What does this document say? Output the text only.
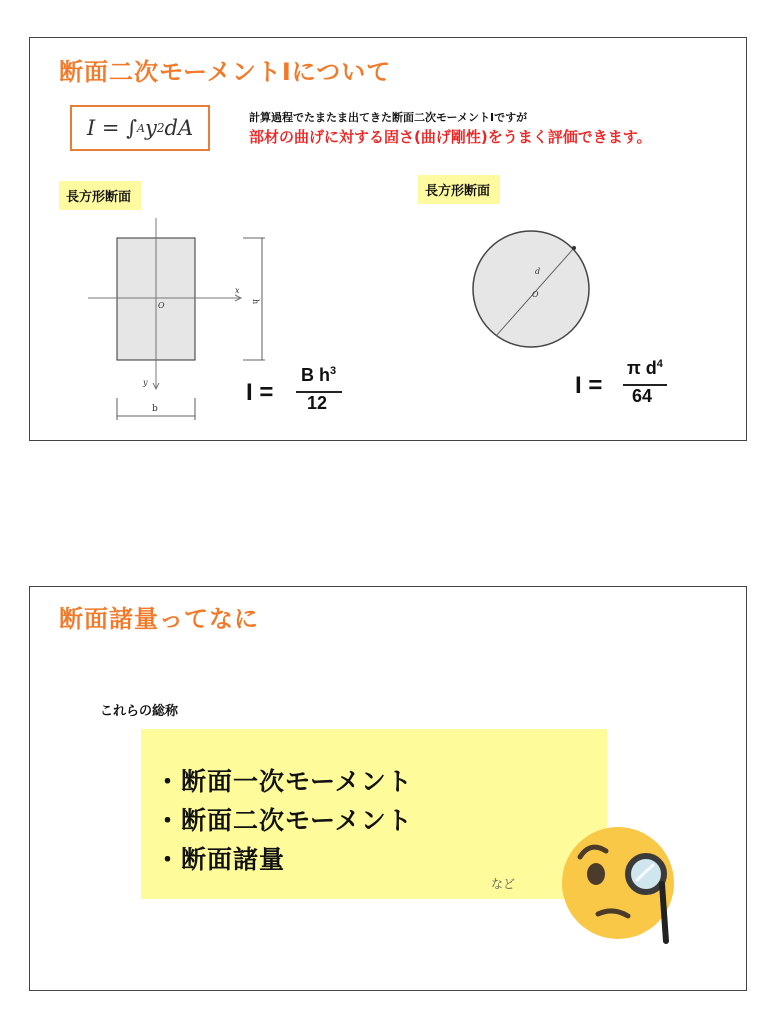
断面二次モーメントⅠについて
I = ∫ A y 2 dA	計算過程でたまたま出てきた断面二次モーメントⅠですが
部材の曲げに対する固さ(曲げ剛性)をうまく評価できます。
長方形断面	長方形断面
x
y
O	h
b
I =
B $h^3$
12
d
O
I =
π $d^4$
64
断面諸量ってなに
これらの総称
・断面一次モーメント
・断面二次モーメント
・断面諸量
など
